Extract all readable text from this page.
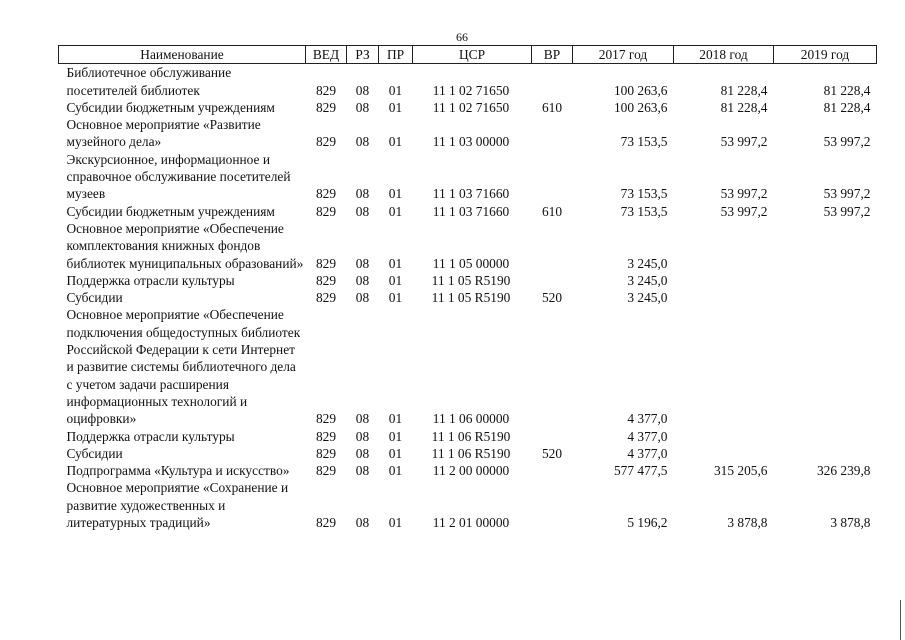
66
Наименование	ВЕД	РЗ	ПР	ЦСР	ВР	2017 год	2018 год	2019 год
Библиотечное обслуживание посетителей библиотек	829	08	01	11 1 02 71650		100 263,6	81 228,4	81 228,4
Субсидии бюджетным учреждениям	829	08	01	11 1 02 71650	610	100 263,6	81 228,4	81 228,4
Основное мероприятие «Развитие музейного дела»	829	08	01	11 1 03 00000		73 153,5	53 997,2	53 997,2
Экскурсионное, информационное и справочное обслуживание посетителей музеев	829	08	01	11 1 03 71660		73 153,5	53 997,2	53 997,2
Субсидии бюджетным учреждениям	829	08	01	11 1 03 71660	610	73 153,5	53 997,2	53 997,2
Основное мероприятие «Обеспечение комплектования книжных фондов библиотек муниципальных образований»	829	08	01	11 1 05 00000		3 245,0		
Поддержка отрасли культуры	829	08	01	11 1 05 R5190		3 245,0		
Субсидии	829	08	01	11 1 05 R5190	520	3 245,0		
Основное мероприятие «Обеспечение подключения общедоступных библиотек Российской Федерации к сети Интернет и развитие системы библиотечного дела с учетом задачи расширения информационных технологий и оцифровки»	829	08	01	11 1 06 00000		4 377,0		
Поддержка отрасли культуры	829	08	01	11 1 06 R5190		4 377,0		
Субсидии	829	08	01	11 1 06 R5190	520	4 377,0		
Подпрограмма «Культура и искусство»	829	08	01	11 2 00 00000		577 477,5	315 205,6	326 239,8
Основное мероприятие «Сохранение и развитие художественных и литературных традиций»	829	08	01	11 2 01 00000		5 196,2	3 878,8	3 878,8
